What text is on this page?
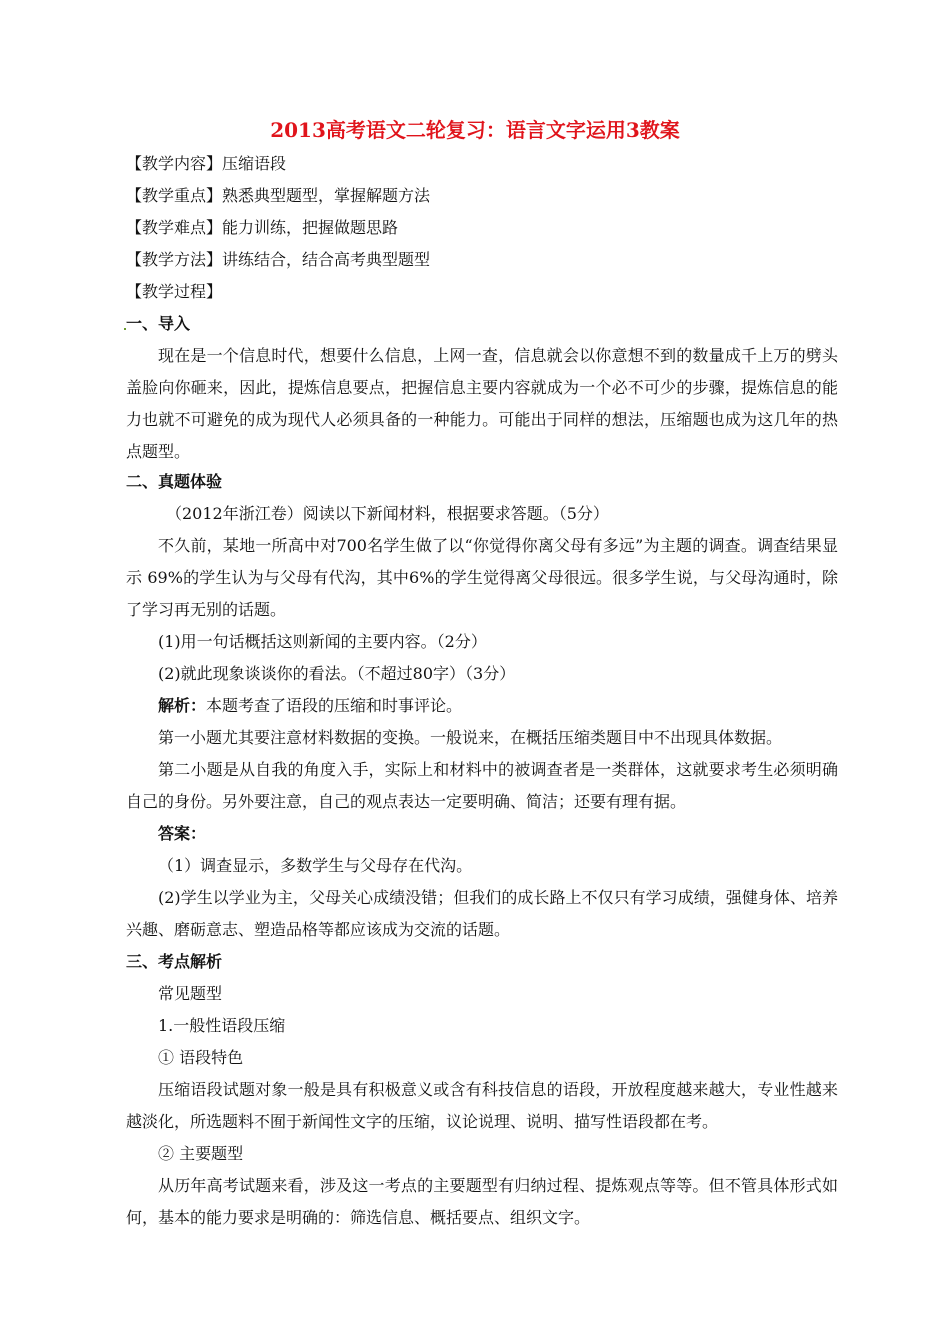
2013高考语文二轮复习：语言文字运用3教案
【教学内容】压缩语段
【教学重点】熟悉典型题型，掌握解题方法
【教学难点】能力训练，把握做题思路
【教学方法】讲练结合，结合高考典型题型
【教学过程】
一、导入

现在是一个信息时代，想要什么信息，上网一查，信息就会以你意想不到的数量成千上万的劈头盖脸向你砸来，因此，提炼信息要点，把握信息主要内容就成为一个必不可少的步骤，提炼信息的能力也就不可避免的成为现代人必须具备的一种能力。可能出于同样的想法，压缩题也成为这几年的热点题型。

二、真题体验
（2012年浙江卷）阅读以下新闻材料，根据要求答题。（5分）

不久前，某地一所高中对700名学生做了以“你觉得你离父母有多远”为主题的调查。调查结果显示 69%的学生认为与父母有代沟，其中6%的学生觉得离父母很远。很多学生说，与父母沟通时，除了学习再无别的话题。

(1)用一句话概括这则新闻的主要内容。（2分）
(2)就此现象谈谈你的看法。（不超过80字）（3分）
解析：本题考查了语段的压缩和时事评论。
第一小题尤其要注意材料数据的变换。一般说来，在概括压缩类题目中不出现具体数据。

第二小题是从自我的角度入手，实际上和材料中的被调查者是一类群体，这就要求考生必须明确自己的身份。另外要注意，自己的观点表达一定要明确、简洁；还要有理有据。

答案：
（1）调查显示，多数学生与父母存在代沟。

(2)学生以学业为主，父母关心成绩没错；但我们的成长路上不仅只有学习成绩，强健身体、培养兴趣、磨砺意志、塑造品格等都应该成为交流的话题。

三、考点解析
常见题型
1.一般性语段压缩
① 语段特色

压缩语段试题对象一般是具有积极意义或含有科技信息的语段，开放程度越来越大，专业性越来越淡化，所选题料不囿于新闻性文字的压缩，议论说理、说明、描写性语段都在考。

② 主要题型

从历年高考试题来看，涉及这一考点的主要题型有归纳过程、提炼观点等等。但不管具体形式如何，基本的能力要求是明确的：筛选信息、概括要点、组织文字。
